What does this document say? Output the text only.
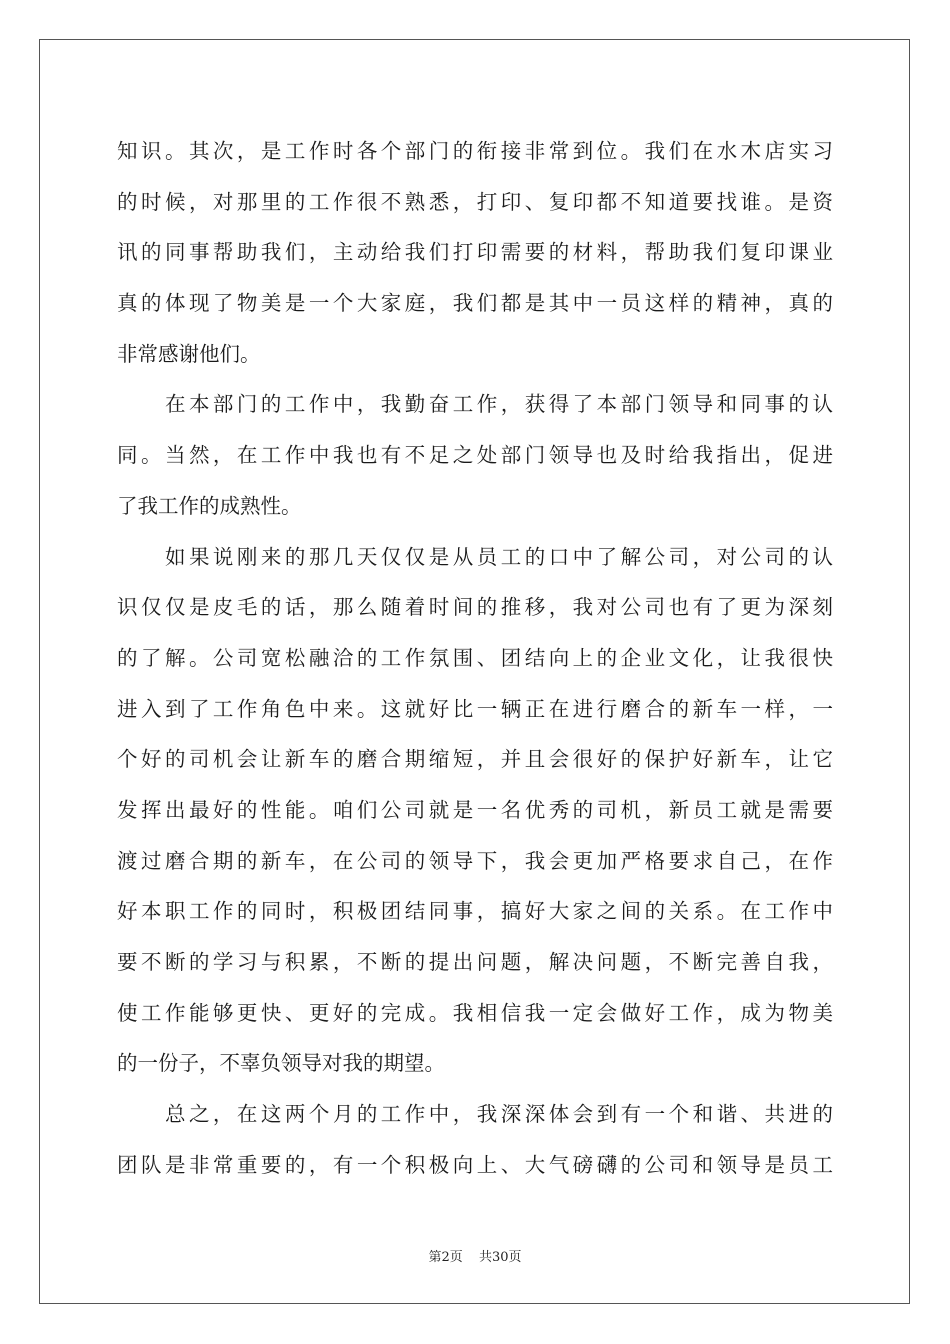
知识。其次，是工作时各个部门的衔接非常到位。我们在水木店实习
的时候，对那里的工作很不熟悉，打印、复印都不知道要找谁。是资
讯的同事帮助我们，主动给我们打印需要的材料，帮助我们复印课业
真的体现了物美是一个大家庭，我们都是其中一员这样的精神，真的
非常感谢他们。
　　在本部门的工作中，我勤奋工作，获得了本部门领导和同事的认
同。当然，在工作中我也有不足之处部门领导也及时给我指出，促进
了我工作的成熟性。
　　如果说刚来的那几天仅仅是从员工的口中了解公司，对公司的认
识仅仅是皮毛的话，那么随着时间的推移，我对公司也有了更为深刻
的了解。公司宽松融洽的工作氛围、团结向上的企业文化，让我很快
进入到了工作角色中来。这就好比一辆正在进行磨合的新车一样，一
个好的司机会让新车的磨合期缩短，并且会很好的保护好新车，让它
发挥出最好的性能。咱们公司就是一名优秀的司机，新员工就是需要
渡过磨合期的新车，在公司的领导下，我会更加严格要求自己，在作
好本职工作的同时，积极团结同事，搞好大家之间的关系。在工作中
要不断的学习与积累，不断的提出问题，解决问题，不断完善自我，
使工作能够更快、更好的完成。我相信我一定会做好工作，成为物美
的一份子，不辜负领导对我的期望。
　　总之，在这两个月的工作中，我深深体会到有一个和谐、共进的
团队是非常重要的，有一个积极向上、大气磅礴的公司和领导是员工
第2页 共30页
